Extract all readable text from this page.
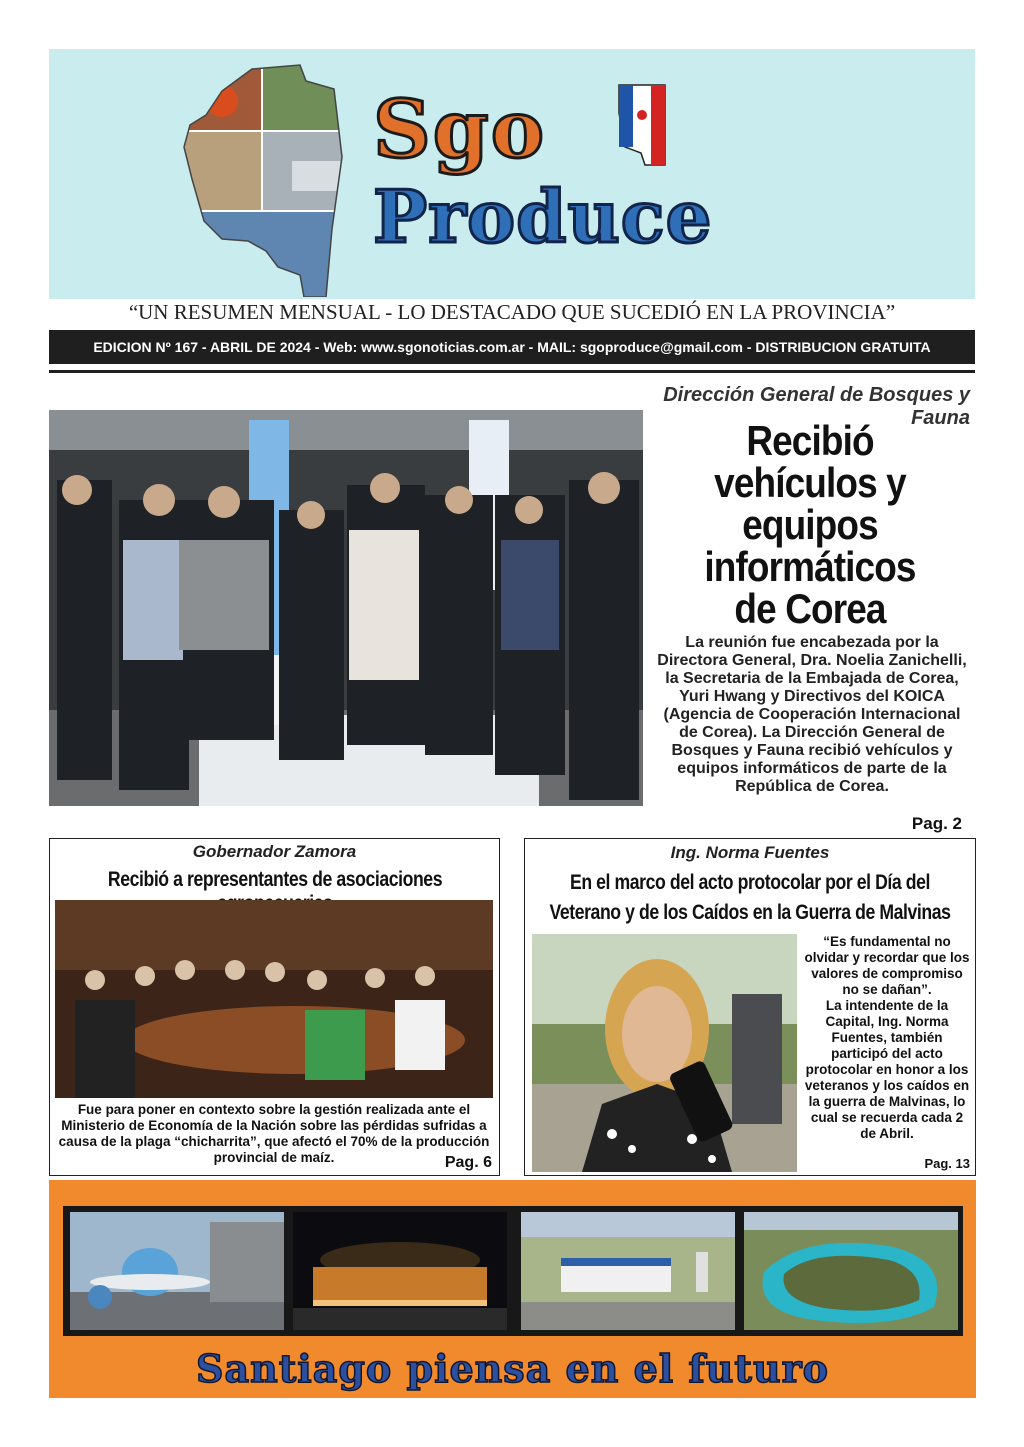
Sgo
Produce
“UN RESUMEN MENSUAL - LO DESTACADO QUE SUCEDIÓ EN LA PROVINCIA”
EDICION Nº 167 - ABRIL DE 2024 - Web: www.sgonoticias.com.ar - MAIL: sgoproduce@gmail.com - DISTRIBUCION GRATUITA
Dirección General de Bosques y Fauna
Recibió
vehículos y
equipos
informáticos
de Corea
La reunión fue encabezada por la Directora General, Dra. Noelia Zanichelli, la Secretaria de la Embajada de Corea, Yuri Hwang y Directivos del KOICA (Agencia de Cooperación Internacional de Corea). La Dirección General de Bosques y Fauna recibió vehículos y equipos informáticos de parte de la República de Corea.
Pag. 2
Gobernador Zamora
Recibió a representantes de asociaciones
Fue para poner en contexto sobre la gestión realizada ante el Ministerio de Economía de la Nación sobre las pérdidas sufridas a causa de la plaga “chicharrita”, que afectó el 70% de la producción provincial de maíz.	Pag. 6
Ing. Norma Fuentes
En el marco del acto protocolar por el Día del
Veterano y de los Caídos en la Guerra de Malvinas
“Es fundamental no olvidar y recordar que los valores de compromiso no se dañan”.
La intendente de la Capital, Ing. Norma Fuentes, también participó del acto protocolar en honor a los veteranos y los caídos en la guerra de Malvinas, lo cual se recuerda cada 2 de Abril.
Pag. 13
Santiago piensa en el futuro
